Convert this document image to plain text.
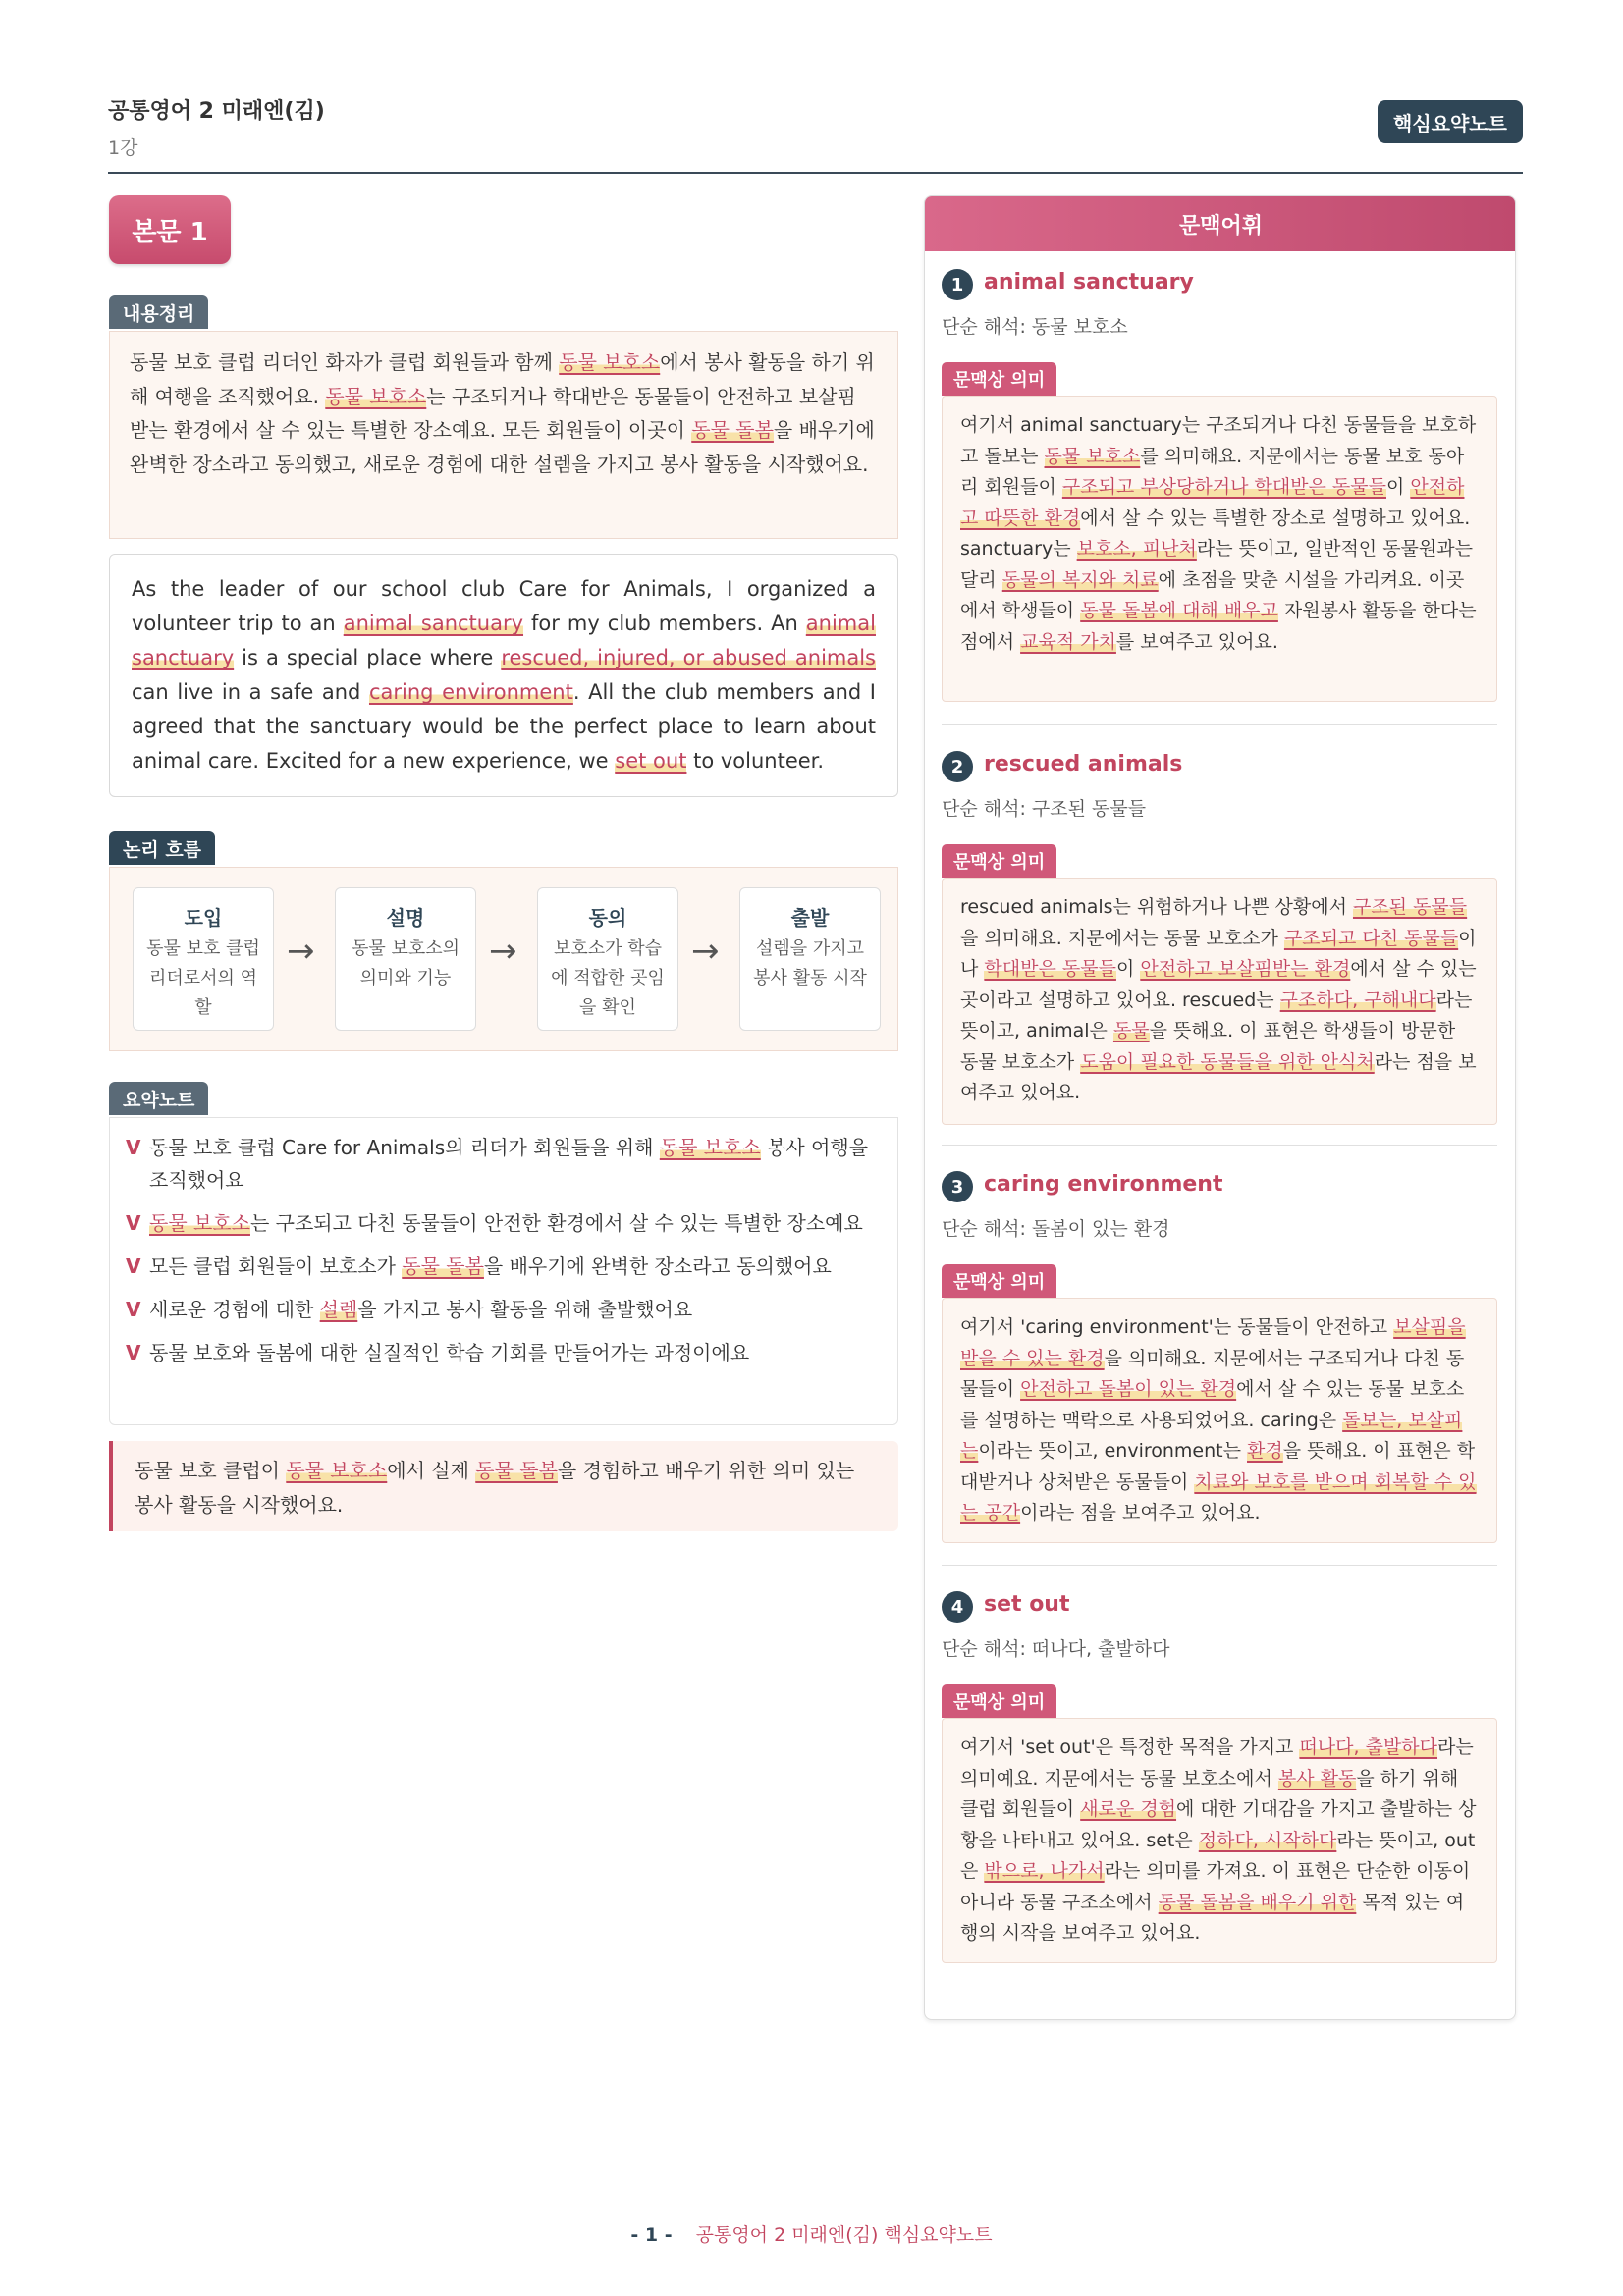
공통영어 2 미래엔(김)
1강
핵심요약노트
본문 1
내용정리

동물 보호 클럽 리더인 화자가 클럽 회원들과 함께 동물 보호소에서 봉사 활동을 하기 위해 여행을 조직했어요. 동물 보호소는 구조되거나 학대받은 동물들이 안전하고 보살핌 받는 환경에서 살 수 있는 특별한 장소예요. 모든 회원들이 이곳이 동물 돌봄을 배우기에 완벽한 장소라고 동의했고, 새로운 경험에 대한 설렘을 가지고 봉사 활동을 시작했어요.

As the leader of our school club Care for Animals, I organized a volunteer trip to an animal sanctuary for my club members. An animal sanctuary is a special place where rescued, injured, or abused animals can live in a safe and caring environment. All the club members and I agreed that the sanctuary would be the perfect place to learn about animal care. Excited for a new experience, we set out to volunteer.

논리 흐름
도입
동물 보호 클럽 리더로서의 역할
→
설명
동물 보호소의 의미와 기능
→
동의
보호소가 학습에 적합한 곳임을 확인
→
출발
설렘을 가지고 봉사 활동 시작
요약노트
V 동물 보호 클럽 Care for Animals의 리더가 회원들을 위해 동물 보호소 봉사 여행을 조직했어요
V 동물 보호소는 구조되고 다친 동물들이 안전한 환경에서 살 수 있는 특별한 장소예요
V 모든 클럽 회원들이 보호소가 동물 돌봄을 배우기에 완벽한 장소라고 동의했어요
V 새로운 경험에 대한 설렘을 가지고 봉사 활동을 위해 출발했어요
V 동물 보호와 돌봄에 대한 실질적인 학습 기회를 만들어가는 과정이에요
동물 보호 클럽이 동물 보호소에서 실제 동물 돌봄을 경험하고 배우기 위한 의미 있는 봉사 활동을 시작했어요.
문맥어휘
1 animal sanctuary
단순 해석: 동물 보호소
문맥상 의미

여기서 animal sanctuary는 구조되거나 다친 동물들을 보호하고 돌보는 동물 보호소를 의미해요. 지문에서는 동물 보호 동아리 회원들이 구조되고 부상당하거나 학대받은 동물들이 안전하고 따뜻한 환경에서 살 수 있는 특별한 장소로 설명하고 있어요. sanctuary는 보호소, 피난처라는 뜻이고, 일반적인 동물원과는 달리 동물의 복지와 치료에 초점을 맞춘 시설을 가리켜요. 이곳에서 학생들이 동물 돌봄에 대해 배우고 자원봉사 활동을 한다는 점에서 교육적 가치를 보여주고 있어요.

2 rescued animals
단순 해석: 구조된 동물들
문맥상 의미

rescued animals는 위험하거나 나쁜 상황에서 구조된 동물들을 의미해요. 지문에서는 동물 보호소가 구조되고 다친 동물들이나 학대받은 동물들이 안전하고 보살핌받는 환경에서 살 수 있는 곳이라고 설명하고 있어요. rescued는 구조하다, 구해내다라는 뜻이고, animal은 동물을 뜻해요. 이 표현은 학생들이 방문한 동물 보호소가 도움이 필요한 동물들을 위한 안식처라는 점을 보여주고 있어요.

3 caring environment
단순 해석: 돌봄이 있는 환경
문맥상 의미

여기서 'caring environment'는 동물들이 안전하고 보살핌을 받을 수 있는 환경을 의미해요. 지문에서는 구조되거나 다친 동물들이 안전하고 돌봄이 있는 환경에서 살 수 있는 동물 보호소를 설명하는 맥락으로 사용되었어요. caring은 돌보는, 보살피는이라는 뜻이고, environment는 환경을 뜻해요. 이 표현은 학대받거나 상처받은 동물들이 치료와 보호를 받으며 회복할 수 있는 공간이라는 점을 보여주고 있어요.

4 set out
단순 해석: 떠나다, 출발하다
문맥상 의미

여기서 'set out'은 특정한 목적을 가지고 떠나다, 출발하다라는 의미예요. 지문에서는 동물 보호소에서 봉사 활동을 하기 위해 클럽 회원들이 새로운 경험에 대한 기대감을 가지고 출발하는 상황을 나타내고 있어요. set은 정하다, 시작하다라는 뜻이고, out은 밖으로, 나가서라는 의미를 가져요. 이 표현은 단순한 이동이 아니라 동물 구조소에서 동물 돌봄을 배우기 위한 목적 있는 여행의 시작을 보여주고 있어요.

- 1 - 공통영어 2 미래엔(김) 핵심요약노트
